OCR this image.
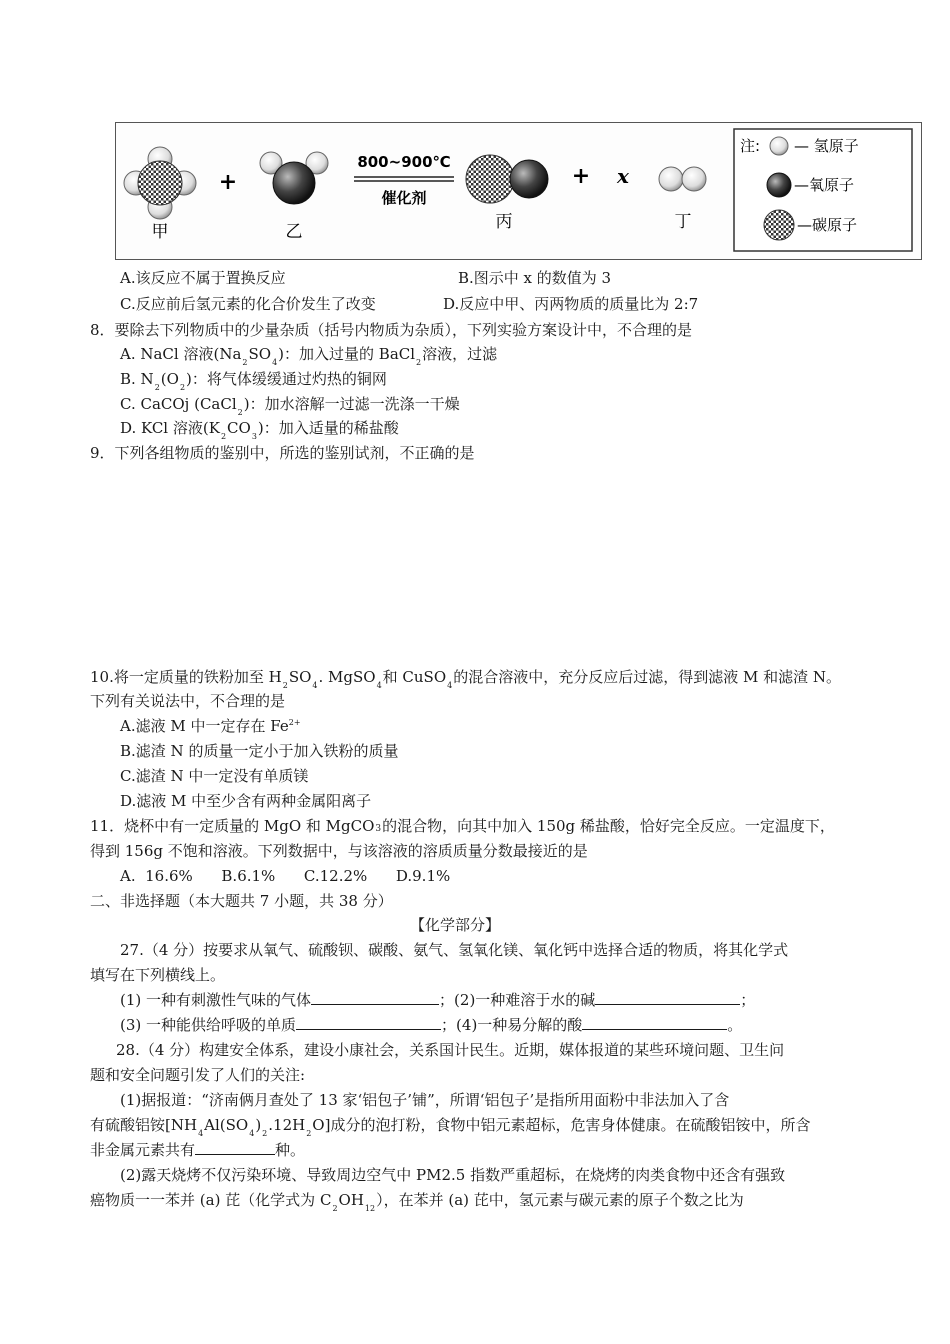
甲
+
乙
800~900℃
催化剂
丙
+ x
丁
注: — 氢原子
—氧原子
—碳原子
A.该反应不属于置换反应	B.图示中 x 的数值为 3
C.反应前后氢元素的化合价发生了改变	D.反应中甲、丙两物质的质量比为 2:7
8．要除去下列物质中的少量杂质（括号内物质为杂质），下列实验方案设计中，不合理的是
A. NaCl 溶液$(Na_2SO_4)$：加入过量的 BaCl$_2$溶液，过滤
B. $N_2(O_2)$：将气体缓缓通过灼热的铜网
C. CaCOj (CaCl$_2$)：加水溶解一过滤一洗涤一干燥
D. KCl 溶液$(K_2CO_3)$：加入适量的稀盐酸
9．下列各组物质的鉴别中，所选的鉴别试剂，不正确的是
10.将一定质量的铁粉加至 $H_2SO_4$. MgSO$_4$和 CuSO$_4$的混合溶液中，充分反应后过滤，得到滤液 M 和滤渣 N。
下列有关说法中，不合理的是
A.滤液 M 中一定存在 $Fe^{2+}$
B.滤渣 N 的质量一定小于加入铁粉的质量
C.滤渣 N 中一定没有单质镁
D.滤液 M 中至少含有两种金属阳离子
11．烧杯中有一定质量的 MgO 和 MgCO3的混合物，向其中加入 150g 稀盐酸，恰好完全反应。一定温度下，
得到 156g 不饱和溶液。下列数据中，与该溶液的溶质质量分数最接近的是
A.  16.6%      B.6.1%      C.12.2%      D.9.1%
二、非选择题（本大题共 7 小题，共 38 分）
【化学部分】
27.（4 分）按要求从氧气、硫酸钡、碳酸、氨气、氢氧化镁、氧化钙中选择合适的物质，将其化学式
填写在下列横线上。
(1) 一种有刺激性气味的气体	；(2)一种难溶于水的碱	；
(3) 一种能供给呼吸的单质	；(4)一种易分解的酸	。
28.（4 分）构建安全体系，建设小康社会，关系国计民生。近期，媒体报道的某些环境问题、卫生问
题和安全问题引发了人们的关注:
(1)据报道：“济南俩月查处了 13 家‘铝包子’铺”，所谓‘铝包子’是指所用面粉中非法加入了含
有硫酸铝铵$[NH_4Al(SO_4)_2.12H_2O]$成分的泡打粉，食物中铝元素超标，危害身体健康。在硫酸铝铵中，所含
非金属元素共有	种。
(2)露天烧烤不仅污染环境、导致周边空气中 PM2.5 指数严重超标，在烧烤的肉类食物中还含有强致
癌物质一一苯并 (a) 芘（化学式为 $C_2OH_{12}$），在苯并 (a) 芘中，氢元素与碳元素的原子个数之比为
